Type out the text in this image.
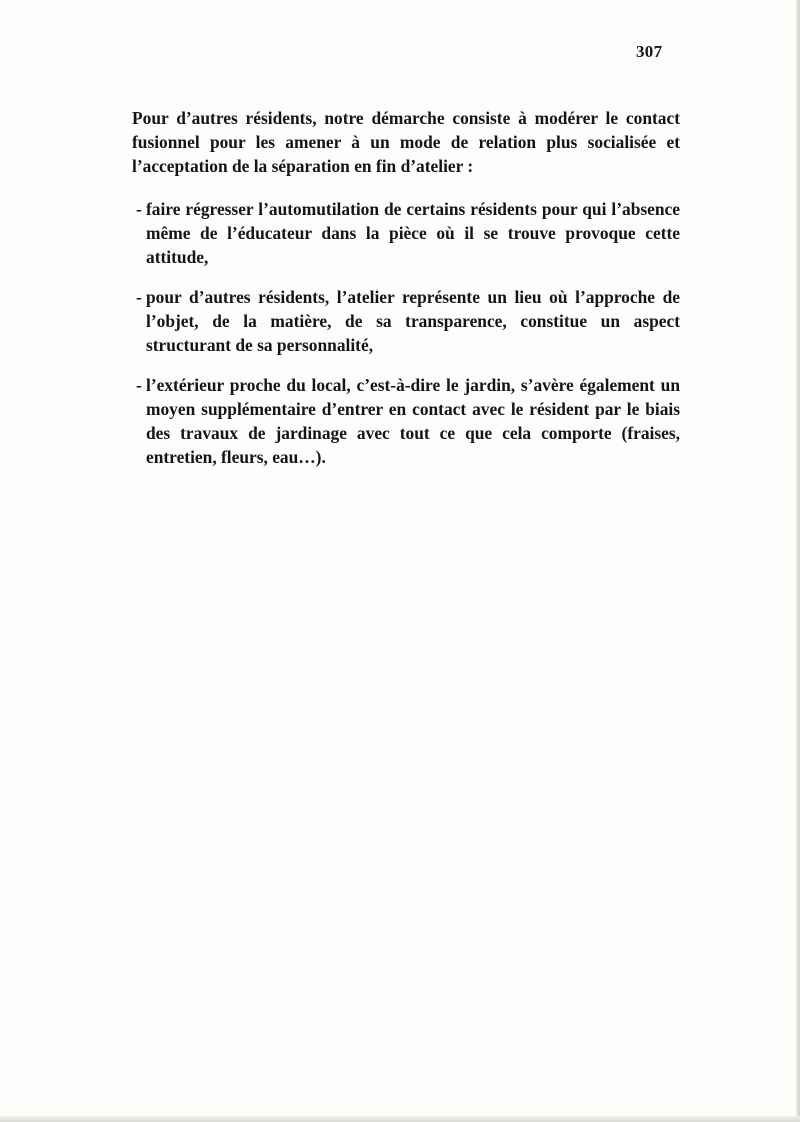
307

Pour d’autres résidents, notre démarche consiste à modérer le contact fusionnel pour les amener à un mode de relation plus socialisée et l’acceptation de la séparation en fin d’atelier :

- faire régresser l’automutilation de certains résidents pour qui l’absence même de l’éducateur dans la pièce où il se trouve provoque cette attitude,
- pour d’autres résidents, l’atelier représente un lieu où l’approche de l’objet, de la matière, de sa transparence, constitue un aspect structurant de sa personnalité,
- l’extérieur proche du local, c’est-à-dire le jardin, s’avère également un moyen supplémentaire d’entrer en contact avec le résident par le biais des travaux de jardinage avec tout ce que cela comporte (fraises, entretien, fleurs, eau…).
